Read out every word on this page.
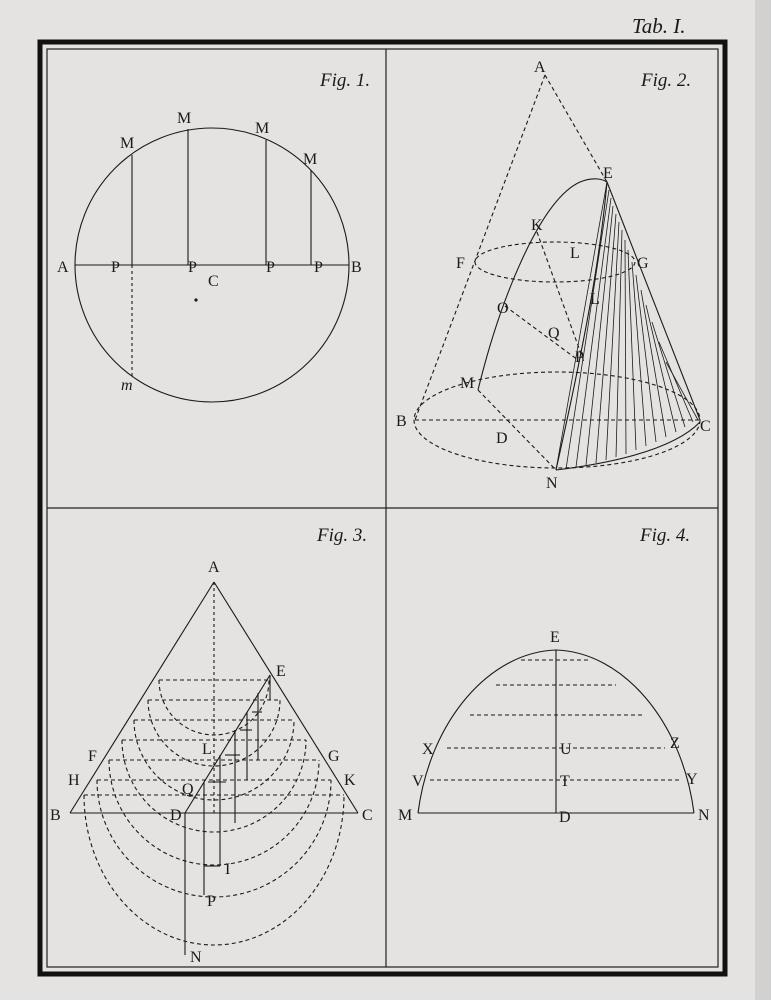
Tab. I.
Fig. 1.
M
M
M
M
A	P	P
C
P P B
m
Fig. 2.
A
E
K
F
L
G
L
O
Q
P
M
B
D
C
N
Fig. 3.
A
E
F	L	G
H
Q
K
B	D	C
I
P
N
Fig. 4.
E
X	U	Z
V	T	Y
M	D	N
